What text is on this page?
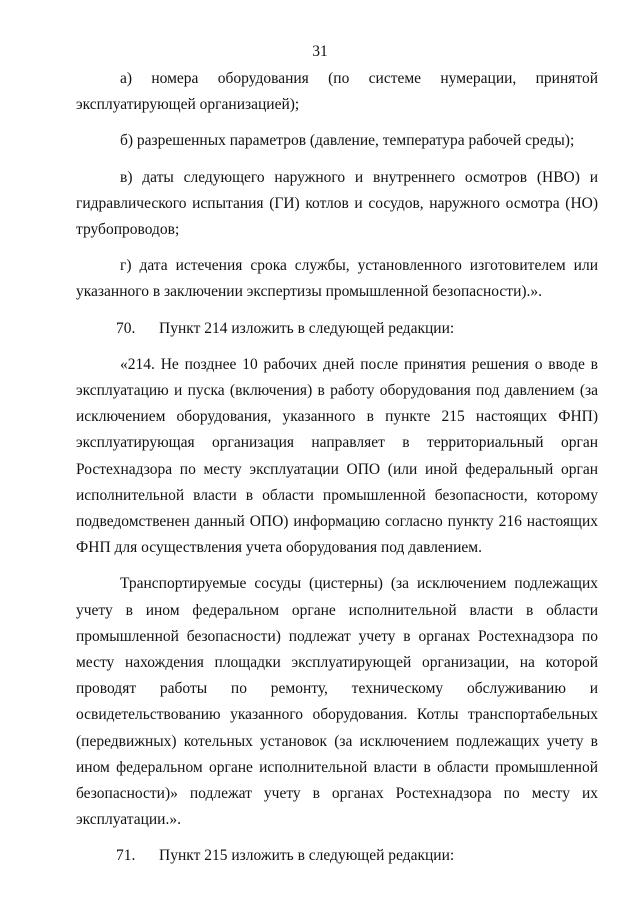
31

а) номера оборудования (по системе нумерации, принятой эксплуатирующей организацией);

б) разрешенных параметров (давление, температура рабочей среды);

в) даты следующего наружного и внутреннего осмотров (НВО) и гидравлического испытания (ГИ) котлов и сосудов, наружного осмотра (НО) трубопроводов;

г) дата истечения срока службы, установленного изготовителем или указанного в заключении экспертизы промышленной безопасности).».

70.	Пункт 214 изложить в следующей редакции:

«214. Не позднее 10 рабочих дней после принятия решения о вводе в эксплуатацию и пуска (включения) в работу оборудования под давлением (за исключением оборудования, указанного в пункте 215 настоящих ФНП) эксплуатирующая организация направляет в территориальный орган Ростехнадзора по месту эксплуатации ОПО (или иной федеральный орган исполнительной власти в области промышленной безопасности, которому подведомственен данный ОПО) информацию согласно пункту 216 настоящих ФНП для осуществления учета оборудования под давлением.

Транспортируемые сосуды (цистерны) (за исключением подлежащих учету в ином федеральном органе исполнительной власти в области промышленной безопасности) подлежат учету в органах Ростехнадзора по месту нахождения площадки эксплуатирующей организации, на которой проводят работы по ремонту, техническому обслуживанию и освидетельствованию указанного оборудования. Котлы транспортабельных (передвижных) котельных установок (за исключением подлежащих учету в ином федеральном органе исполнительной власти в области промышленной безопасности)» подлежат учету в органах Ростехнадзора по месту их эксплуатации.».

71.	Пункт 215 изложить в следующей редакции:
